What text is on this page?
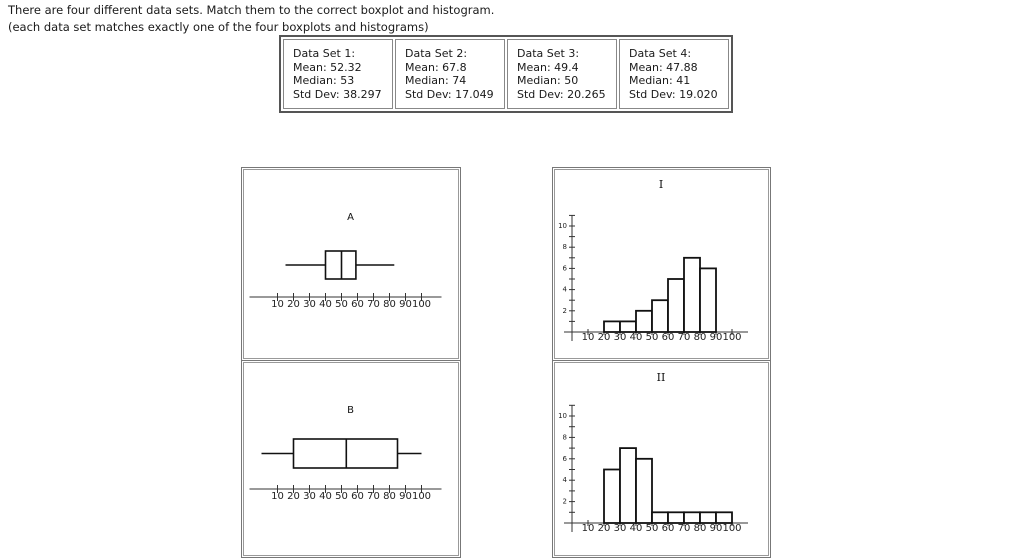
There are four different data sets. Match them to the correct boxplot and histogram.
(each data set matches exactly one of the four boxplots and histograms)
Data Set 1:
Mean: 52.32
Median: 53
Std Dev: 38.297

Data Set 2:
Mean: 67.8
Median: 74
Std Dev: 17.049

Data Set 3:
Mean: 49.4
Median: 50
Std Dev: 20.265

Data Set 4:
Mean: 47.88
Median: 41
Std Dev: 19.020
A
10 20 30 40 50 60 70 80 90 100
B
10 20 30 40 50 60 70 80 90 100
I
10 20 30 40 50 60 70 80 90 100
2
4
6
8
10
II
10 20 30 40 50 60 70 80 90 100
2
4
6
8
10
